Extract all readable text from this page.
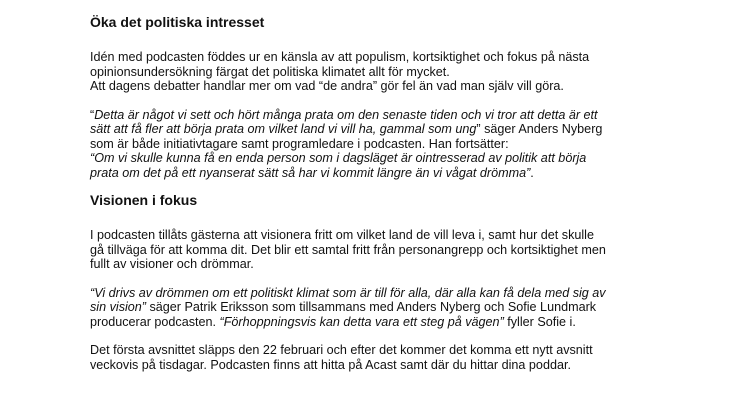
Öka det politiska intresset

Idén med podcasten föddes ur en känsla av att populism, kortsiktighet och fokus på nästa
opinionsundersökning färgat det politiska klimatet allt för mycket.

Att dagens debatter handlar mer om vad “de andra” gör fel än vad man själv vill göra.

“Detta är något vi sett och hört många prata om den senaste tiden och vi tror att detta är ett
sätt att få fler att börja prata om vilket land vi vill ha, gammal som ung” säger Anders Nyberg
som är både initiativtagare samt programledare i podcasten. Han fortsätter:
“Om vi skulle kunna få en enda person som i dagsläget är ointresserad av politik att börja
prata om det på ett nyanserat sätt så har vi kommit längre än vi vågat drömma”.

Visionen i fokus

I podcasten tillåts gästerna att visionera fritt om vilket land de vill leva i, samt hur det skulle
gå tillväga för att komma dit. Det blir ett samtal fritt från personangrepp och kortsiktighet men
fullt av visioner och drömmar.

“Vi drivs av drömmen om ett politiskt klimat som är till för alla, där alla kan få dela med sig av
sin vision” säger Patrik Eriksson som tillsammans med Anders Nyberg och Sofie Lundmark
producerar podcasten. “Förhoppningsvis kan detta vara ett steg på vägen” fyller Sofie i.

Det första avsnittet släpps den 22 februari och efter det kommer det komma ett nytt avsnitt
veckovis på tisdagar. Podcasten finns att hitta på Acast samt där du hittar dina poddar.
